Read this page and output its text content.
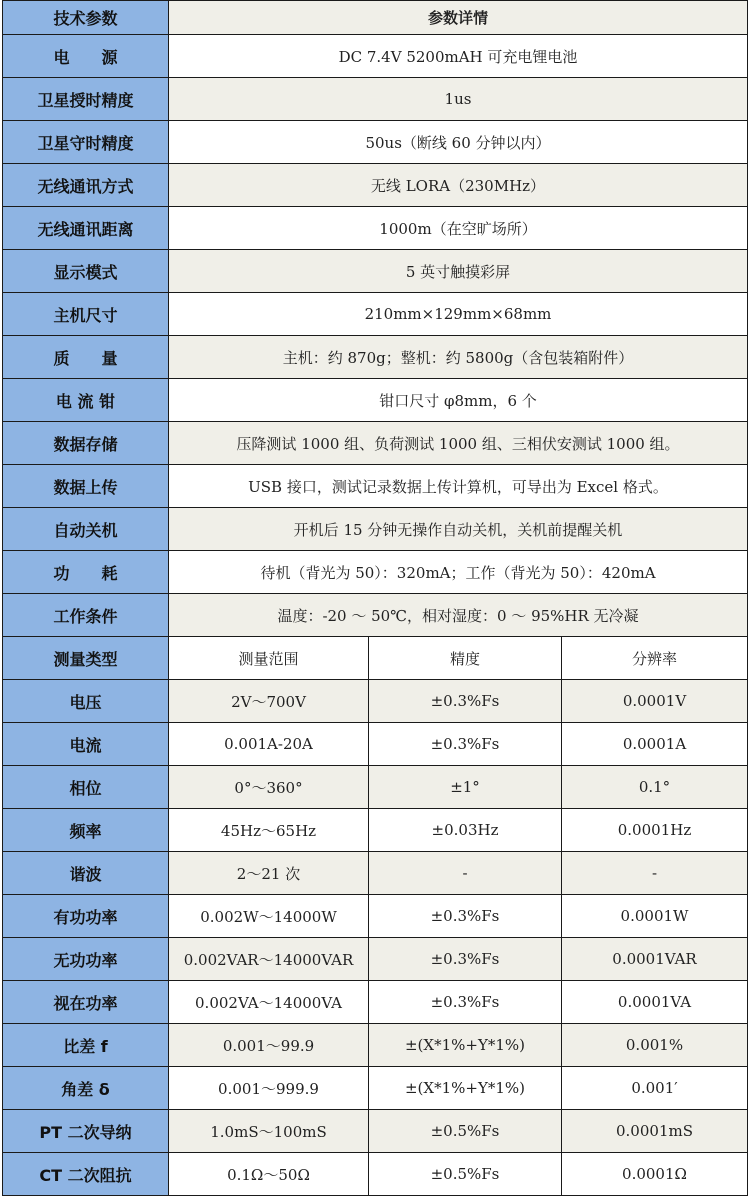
技术参数	参数详情
电　　源	DC 7.4V 5200mAH 可充电锂电池
卫星授时精度	1us
卫星守时精度	50us（断线 60 分钟以内）
无线通讯方式	无线 LORA（230MHz）
无线通讯距离	1000m（在空旷场所）
显示模式	5 英寸触摸彩屏
主机尺寸	210mm×129mm×68mm
质　　量	主机：约 870g；整机：约 5800g（含包装箱附件）
电 流 钳	钳口尺寸 φ8mm，6 个
数据存储	压降测试 1000 组、负荷测试 1000 组、三相伏安测试 1000 组。
数据上传	USB 接口，测试记录数据上传计算机，可导出为 Excel 格式。
自动关机	开机后 15 分钟无操作自动关机，关机前提醒关机
功　　耗	待机（背光为 50）：320mA；工作（背光为 50）：420mA
工作条件	温度：-20 ～ 50℃，相对湿度：0 ～ 95%HR 无冷凝
测量类型	测量范围	精度	分辨率
电压	2V～700V	±0.3%Fs	0.0001V
电流	0.001A-20A	±0.3%Fs	0.0001A
相位	0°～360°	±1°	0.1°
频率	45Hz～65Hz	±0.03Hz	0.0001Hz
谐波	2～21 次	-	-
有功功率	0.002W～14000W	±0.3%Fs	0.0001W
无功功率	0.002VAR～14000VAR	±0.3%Fs	0.0001VAR
视在功率	0.002VA～14000VA	±0.3%Fs	0.0001VA
比差 f	0.001～99.9	±(X*1%+Y*1%)	0.001%
角差 δ	0.001～999.9	±(X*1%+Y*1%)	0.001′
PT 二次导纳	1.0mS～100mS	±0.5%Fs	0.0001mS
CT 二次阻抗	0.1Ω～50Ω	±0.5%Fs	0.0001Ω
